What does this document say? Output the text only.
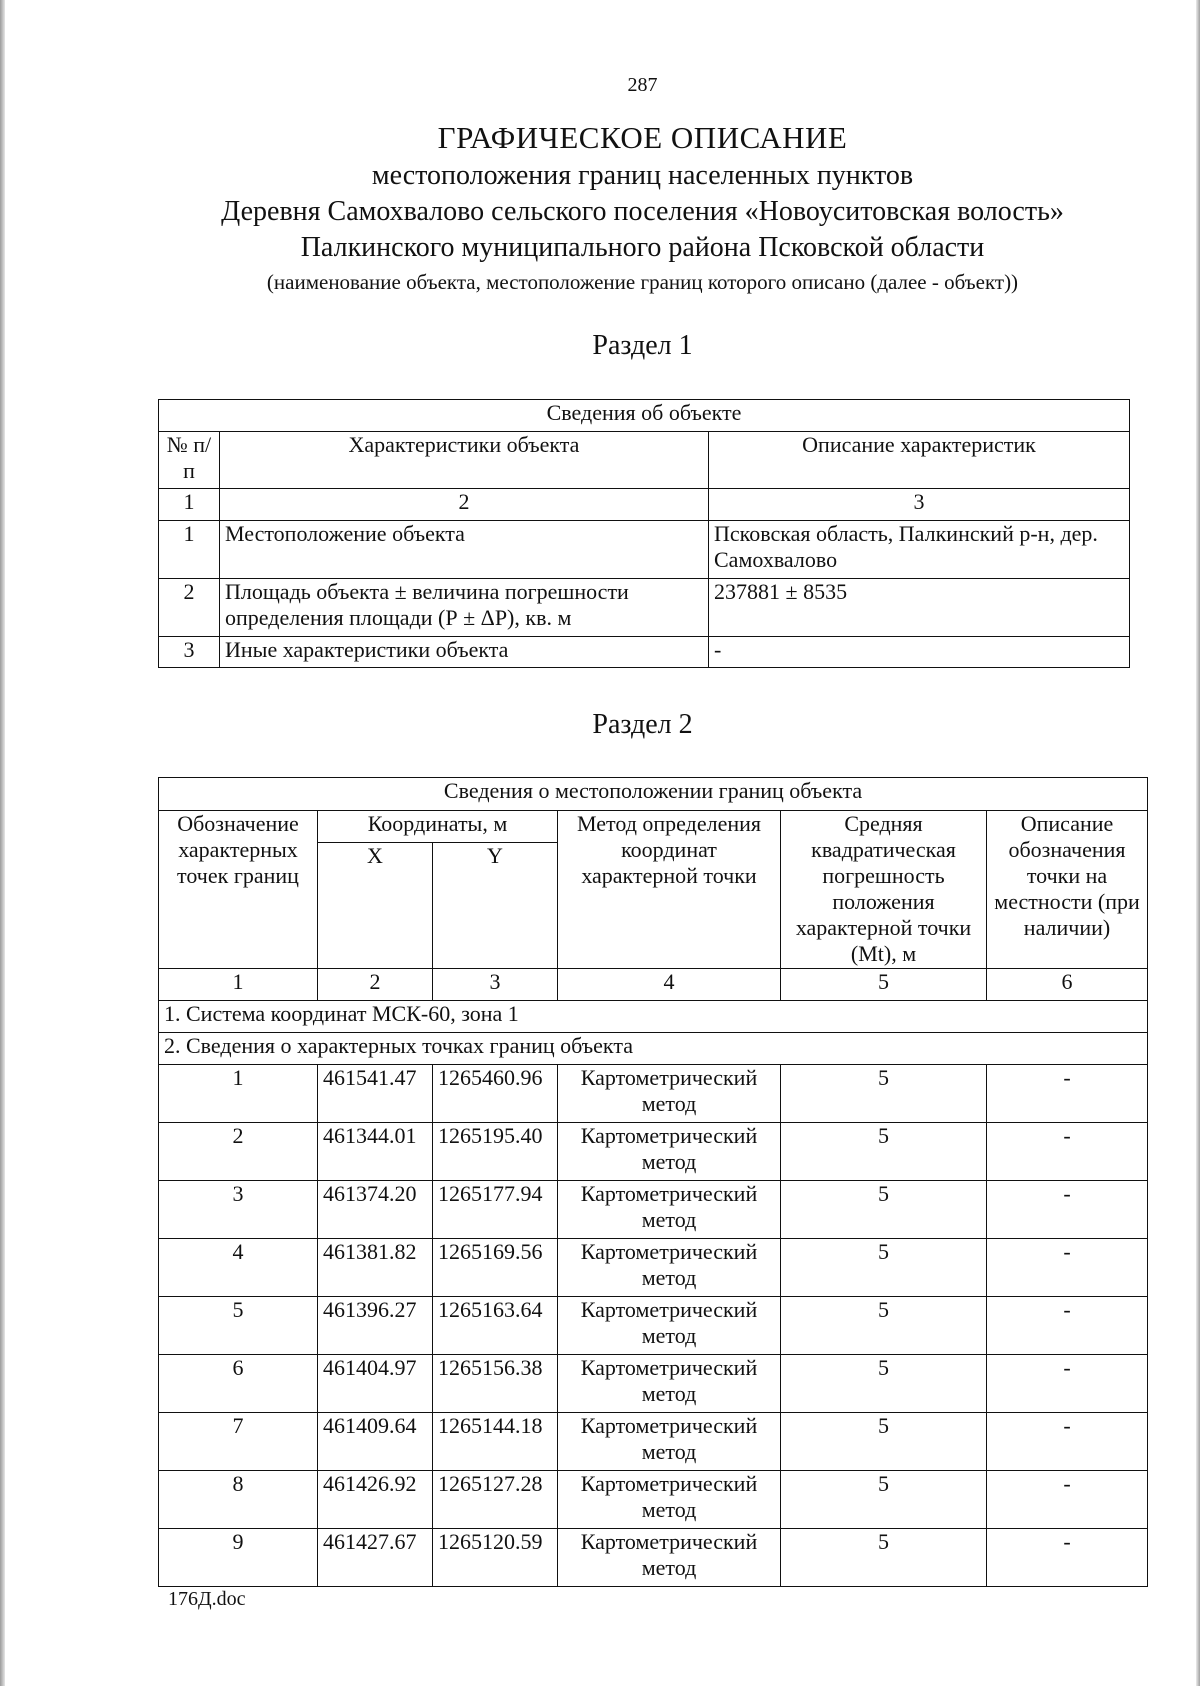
287
ГРАФИЧЕСКОЕ ОПИСАНИЕ
местоположения границ населенных пунктов
Деревня Самохвалово сельского поселения «Новоуситовская волость»
Палкинского муниципального района Псковской области
(наименование объекта, местоположение границ которого описано (далее - объект))
Раздел 1
Сведения об объекте		
№ п/п	Характеристики объекта	Описание характеристик
1	2	3
1	Местоположение объекта	Псковская область, Палкинский р-н, дер. Самохвалово
2	Площадь объекта ± величина погрешности определения площади (Р ± ΔР), кв. м	237881 ± 8535
3	Иные характеристики объекта	-
Раздел 2
Сведения о местоположении границ объекта					
Обозначение характерных точек границ	Координаты, м		Метод определения координат характерной точки	Средняя квадратическая погрешность положения характерной точки (Mt), м	Описание обозначения точки на местности (при наличии)
	X	Y			
1	2	3	4	5	6
1. Система координат МСК-60, зона 1					
2. Сведения о характерных точках границ объекта					
1	461541.47	1265460.96	Картометрический метод	5	-
2	461344.01	1265195.40	Картометрический метод	5	-
3	461374.20	1265177.94	Картометрический метод	5	-
4	461381.82	1265169.56	Картометрический метод	5	-
5	461396.27	1265163.64	Картометрический метод	5	-
6	461404.97	1265156.38	Картометрический метод	5	-
7	461409.64	1265144.18	Картометрический метод	5	-
8	461426.92	1265127.28	Картометрический метод	5	-
9	461427.67	1265120.59	Картометрический метод	5	-
176Д.doc
